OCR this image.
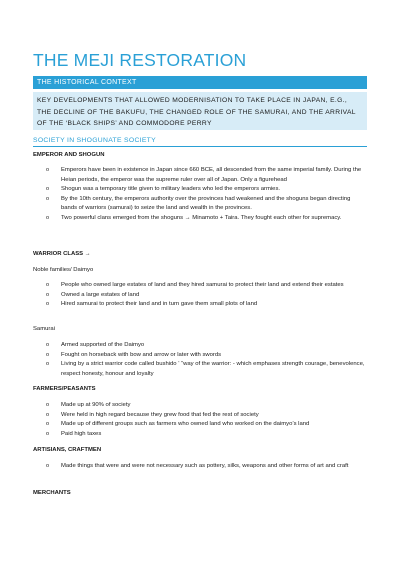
THE MEJI RESTORATION
THE HISTORICAL CONTEXT
KEY DEVELOPMENTS THAT ALLOWED MODERNISATION TO TAKE PLACE IN JAPAN, E.G., THE DECLINE OF THE BAKUFU, THE CHANGED ROLE OF THE SAMURAI, AND THE ARRIVAL OF THE ‘BLACK SHIPS’ AND COMMODORE PERRY
SOCIETY IN SHOGUNATE SOCIETY
EMPEROR AND SHOGUN
o Emperors have been in existence in Japan since 660 BCE, all descended from the same imperial family. During the Heian periods, the emperor was the supreme ruler over all of Japan. Only a figurehead
o Shogun was a temporary title given to military leaders who led the emperors armies.
o By the 10th century, the emperors authority over the provinces had weakened and the shoguns began directing bands of warriors (samurai) to seize the land and wealth in the provinces.
o Two powerful clans emerged from the shoguns → Minamoto + Taira. They fought each other for supremacy.
WARRIOR CLASS →
Noble families/ Daimyo
o People who owned large estates of land and they hired samurai to protect their land and extend their estates
o Owned a large estates of land
o Hired samurai to protect their land and in turn gave them small plots of land
Samurai
o Armed supported of the Daimyo
o Fought on horseback with bow and arrow or later with swords
o Living by a strict warrior code called bushido ‘ “way of the warrior: - which emphases strength courage, benevolence, respect honesty, honour and loyalty
FARMERS/PEASANTS
o Made up at 90% of society
o Were held in high regard because they grew food that fed the rest of society
o Made up of different groups such as farmers who owned land who worked on the daimyo’s land
o Paid high taxes
ARTISIANS, CRAFTMEN
o Made things that were and were not necessary such as pottery, silks, weapons and other forms of art and craft
MERCHANTS
